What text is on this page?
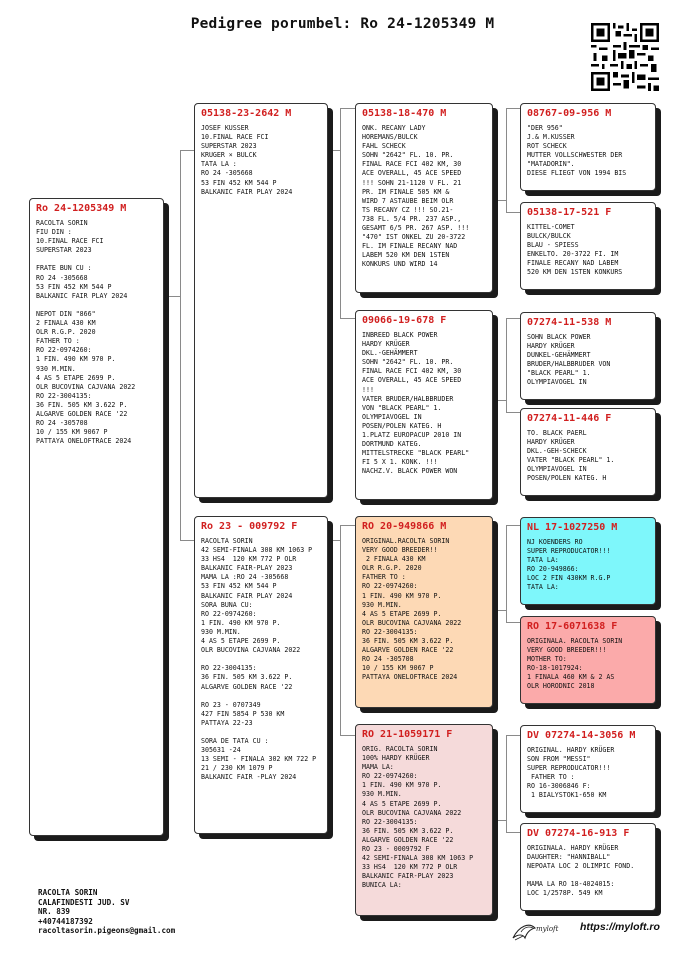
Pedigree porumbel: Ro 24-1205349 M
Ro 24-1205349 M
RACOLTA SORIN
FIU DIN :
10.FINAL RACE FCI
SUPERSTAR 2023

FRATE BUN CU :
RO 24 -305668
53 FIN 452 KM 544 P
BALKANIC FAIR PLAY 2024

NEPOT DIN "866"
2 FINALA 430 KM
OLR R.G.P. 2020
FATHER TO :
RO 22-0974260:
1 FIN. 490 KM 970 P.
930 M.MIN.
4 AS 5 ETAPE 2699 P.
OLR BUCOVINA CAJVANA 2022
RO 22-3004135:
36 FIN. 505 KM 3.622 P.
ALGARVE GOLDEN RACE '22
RO 24 -305708
10 / 155 KM 9067 P
PATTAYA ONELOFTRACE 2024
05138-23-2642 M
JOSEF KUSSER
10.FINAL RACE FCI
SUPERSTAR 2023
KRUGER × BULCK
TATA LA :
RO 24 -305668
53 FIN 452 KM 544 P
BALKANIC FAIR PLAY 2024
Ro 23 - 009792 F
RACOLTA SORIN
42 SEMI-FINALA 308 KM 1063 P
33 HS4  120 KM 772 P OLR
BALKANIC FAIR-PLAY 2023
MAMA LA :RO 24 -305668
53 FIN 452 KM 544 P
BALKANIC FAIR PLAY 2024
SORA BUNA CU:
RO 22-0974260:
1 FIN. 490 KM 970 P.
930 M.MIN.
4 AS 5 ETAPE 2699 P.
OLR BUCOVINA CAJVANA 2022

RO 22-3004135:
36 FIN. 505 KM 3.622 P.
ALGARVE GOLDEN RACE '22

RO 23 - 0707349
427 FIN 5854 P 530 KM
PATTAYA 22-23

SORA DE TATA CU :
305631 -24
13 SEMI - FINALA 302 KM 722 P
21 / 230 KM 1079 P
BALKANIC FAIR -PLAY 2024
05138-18-470 M
ONK. RECANY LADY
HOREMANS/BULCK
FAHL SCHECK
SOHN "2642" FL. 10. PR.
FINAL RACE FCI 402 KM, 30
ACE OVERALL, 45 ACE SPEED
!!! SOHN 21-1120 V FL. 21
PR. IM FINALE 505 KM &
WIRD 7 ASTAUBE BEIM OLR
TS RECANY CZ !!! SO.21-
738 FL. 5/4 PR. 237 ASP.,
GESAMT 6/5 PR. 267 ASP. !!!
"470" IST ONKEL ZU 20-3722
FL. IM FINALE RECANY NAD
LABEM 520 KM DEN 1STEN
KONKURS UND WIRD 14
09066-19-678 F
INBREED BLACK POWER
HARDY KRÜGER
DKL.-GEHÄMMERT
SOHN "2642" FL. 10. PR.
FINAL RACE FCI 402 KM, 30
ACE OVERALL, 45 ACE SPEED
!!!
VATER BRUDER/HALBBRUDER
VON "BLACK PEARL" 1.
OLYMPIAVOGEL IN
POSEN/POLEN KATEG. H
1.PLATZ EUROPACUP 2010 IN
DORTMUND KATEG.
MITTELSTRECKE "BLACK PEARL"
FI 5 X 1. KONK. !!!
NACHZ.V. BLACK POWER WON
RO 20-949866 M
ORIGINAL.RACOLTA SORIN
VERY GOOD BREEDER!!
2 FINALA 430 KM
OLR R.G.P. 2020
FATHER TO :
RO 22-0974260:
1 FIN. 490 KM 970 P.
930 M.MIN.
4 AS 5 ETAPE 2699 P.
OLR BUCOVINA CAJVANA 2022
RO 22-3004135:
36 FIN. 505 KM 3.622 P.
ALGARVE GOLDEN RACE '22
RO 24 -305708
10 / 155 KM 9067 P
PATTAYA ONELOFTRACE 2024
RO 21-1059171 F
ORIG. RACOLTA SORIN
100% HARDY KRÜGER
MAMA LA:
RO 22-0974260:
1 FIN. 490 KM 970 P.
930 M.MIN.
4 AS 5 ETAPE 2699 P.
OLR BUCOVINA CAJVANA 2022
RO 22-3004135:
36 FIN. 505 KM 3.622 P.
ALGARVE GOLDEN RACE '22
RO 23 - 0009792 F
42 SEMI-FINALA 308 KM 1063 P
33 HS4  120 KM 772 P OLR
BALKANIC FAIR-PLAY 2023
BUNICA LA:
08767-09-956 M
"DER 956"
J.& M.KUSSER
ROT SCHECK
MUTTER VOLLSCHWESTER DER
"MATADORIN".
DIESE FLIEGT VON 1994 BIS
05138-17-521 F
KITTEL-COMET
BULCK/BULCK
BLAU - SPIESS
ENKELTO. 20-3722 FI. IM
FINALE RECANY NAD LABEM
520 KM DEN 1STEN KONKURS
07274-11-538 M
SOHN BLACK POWER
HARDY KRÜGER
DUNKEL-GEHÄMMERT
BRUDER/HALBBRUDER VON
"BLACK PEARL" 1.
OLYMPIAVOGEL IN
07274-11-446 F
TO. BLACK PAERL
HARDY KRÜGER
DKL.-GEH-SCHECK
VATER "BLACK PEARL" 1.
OLYMPIAVOGEL IN
POSEN/POLEN KATEG. H
NL 17-1027250 M
NJ KOENDERS RO
SUPER REPRODUCATOR!!!
TATA LA:
RO 20-949866:
LOC 2 FIN 430KM R.G.P
TATA LA:
RO 17-6071638 F
ORIGINALA. RACOLTA SORIN
VERY GOOD BREEDER!!!
MOTHER TO:
RO-18-1017924:
1 FINALA 460 KM & 2 AS
OLR HORODNIC 2018
DV 07274-14-3056 M
ORIGINAL. HARDY KRÜGER
SON FROM "MESSI"
SUPER REPRODUCATOR!!!
FATHER TO :
RO 16-3006846 F:
1 BIALYSTOK1-650 KM
DV 07274-16-913 F
ORIGINALA. HARDY KRÜGER
DAUGHTER: "HANNIBALL"
NEPOATA LOC 2 OLIMPIC FOND.

MAMA LA RO 18-4024015:
LOC 1/2578P. 549 KM
RACOLTA SORIN
CALAFINDESTI JUD. SV
NR. 839
+40744187392
racoltasorin.pigeons@gmail.com	myloft https://myloft.ro
